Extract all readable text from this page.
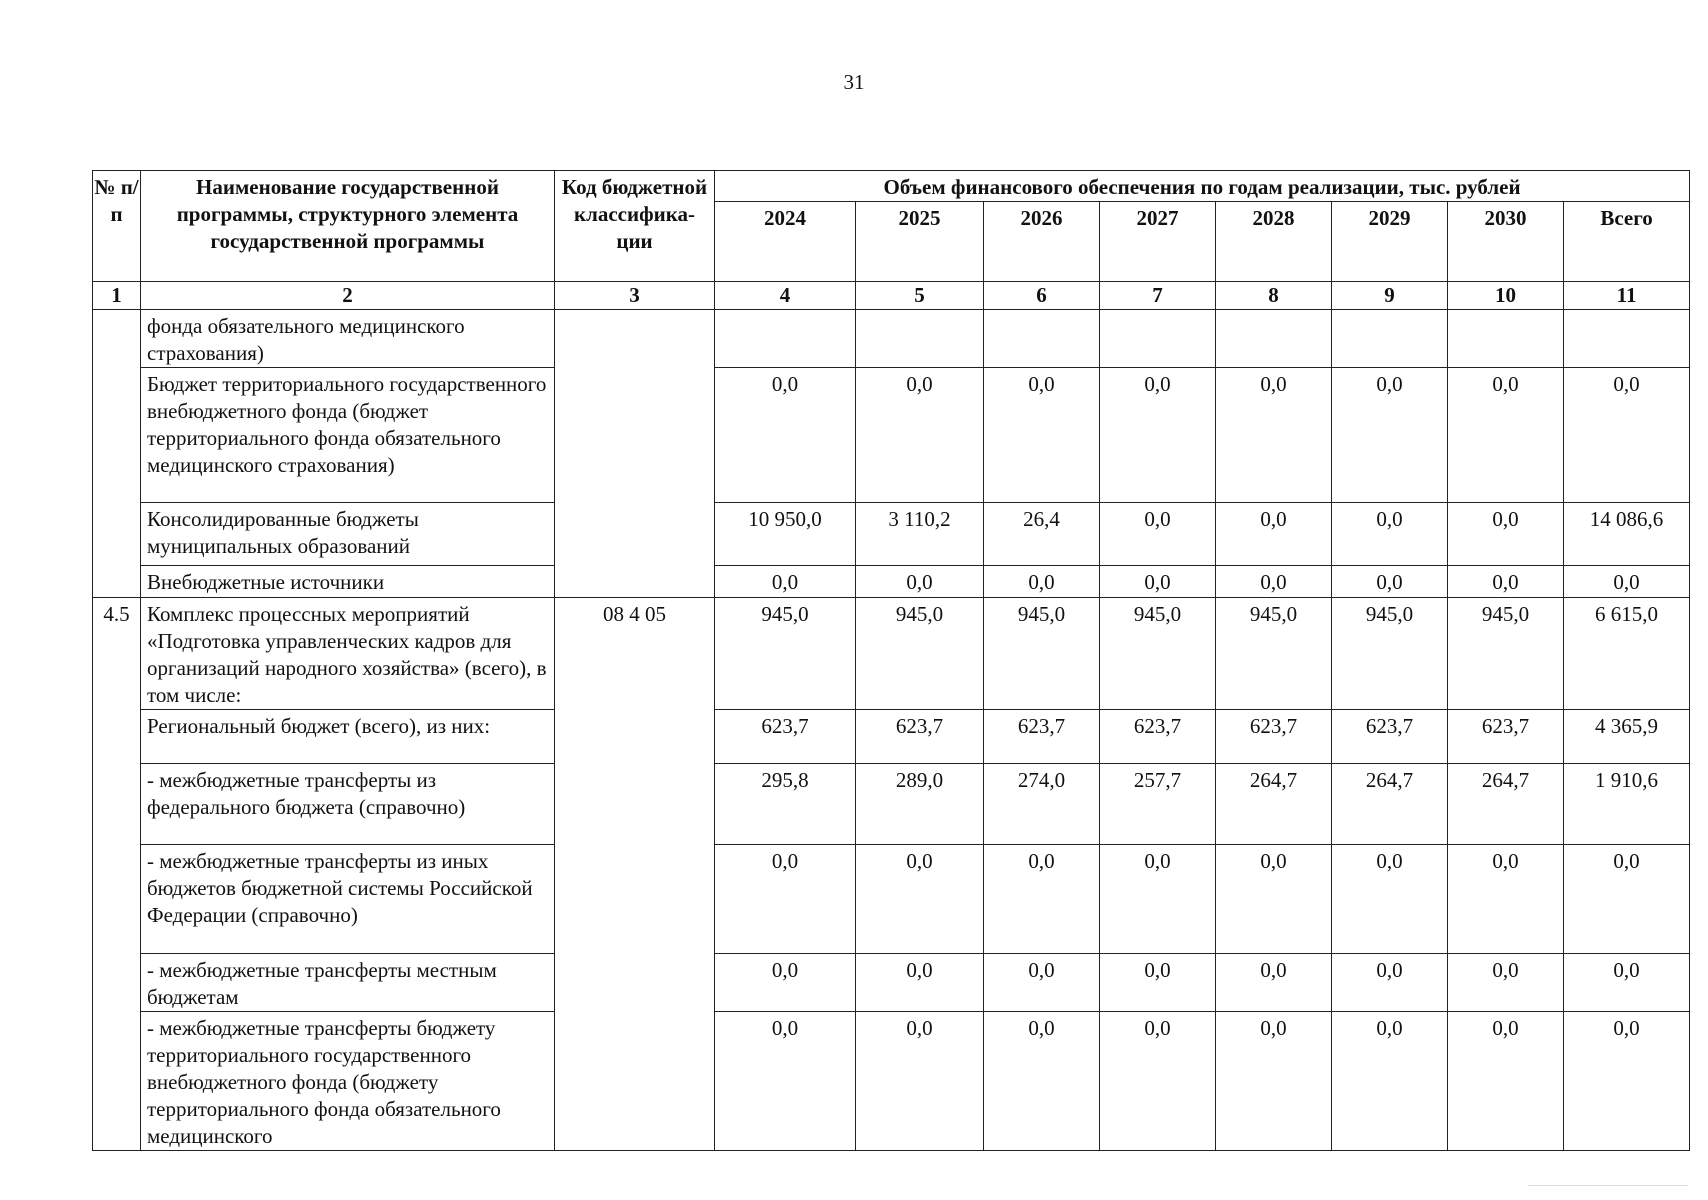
31
№ п/п	Наименование государственной программы, структурного элемента государственной программы	Код бюджетной классифика-ции	Объем финансового обеспечения по годам реализации, тыс. рублей							
			2024	2025	2026	2027	2028	2029	2030	Всего
1	2	3	4	5	6	7	8	9	10	11
	фонда обязательного медицинского страхования)									
	Бюджет территориального государственного внебюджетного фонда (бюджет территориального фонда обязательного медицинского страхования)		0,0	0,0	0,0	0,0	0,0	0,0	0,0	0,0
	Консолидированные бюджеты муниципальных образований		10 950,0	3 110,2	26,4	0,0	0,0	0,0	0,0	14 086,6
	Внебюджетные источники		0,0	0,0	0,0	0,0	0,0	0,0	0,0	0,0
4.5	Комплекс процессных мероприятий «Подготовка управленческих кадров для организаций народного хозяйства» (всего), в том числе:	08 4 05	945,0	945,0	945,0	945,0	945,0	945,0	945,0	6 615,0
	Региональный бюджет (всего), из них:		623,7	623,7	623,7	623,7	623,7	623,7	623,7	4 365,9
	- межбюджетные трансферты из федерального бюджета (справочно)		295,8	289,0	274,0	257,7	264,7	264,7	264,7	1 910,6
	- межбюджетные трансферты из иных бюджетов бюджетной системы Российской Федерации (справочно)		0,0	0,0	0,0	0,0	0,0	0,0	0,0	0,0
	- межбюджетные трансферты местным бюджетам		0,0	0,0	0,0	0,0	0,0	0,0	0,0	0,0
	- межбюджетные трансферты бюджету территориального государственного внебюджетного фонда (бюджету территориального фонда обязательного медицинского		0,0	0,0	0,0	0,0	0,0	0,0	0,0	0,0
